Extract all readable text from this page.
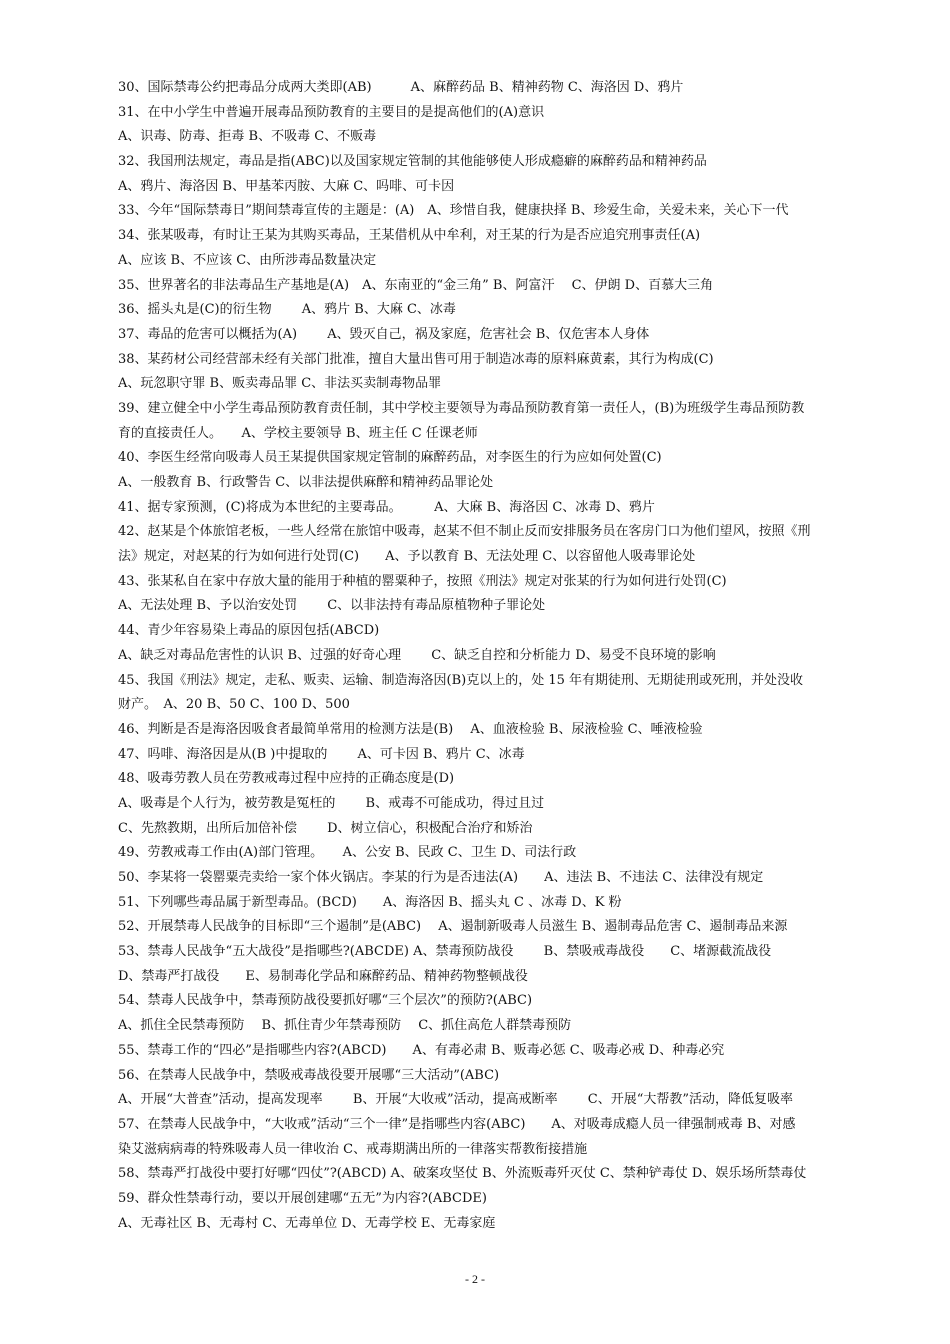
30、国际禁毒公约把毒品分成两大类即(AB)　　　A、麻醉药品 B、精神药物 C、海洛因 D、鸦片
31、在中小学生中普遍开展毒品预防教育的主要目的是提高他们的(A)意识
A、识毒、防毒、拒毒 B、不吸毒 C、不贩毒
32、我国刑法规定，毒品是指(ABC)以及国家规定管制的其他能够使人形成瘾癖的麻醉药品和精神药品
A、鸦片、海洛因 B、甲基苯丙胺、大麻 C、吗啡、可卡因
33、今年“国际禁毒日”期间禁毒宣传的主题是：(A)　A、珍惜自我，健康抉择 B、珍爱生命，关爱未来，关心下一代
34、张某吸毒，有时让王某为其购买毒品，王某借机从中牟利，对王某的行为是否应追究刑事责任(A)
A、应该 B、不应该 C、由所涉毒品数量决定
35、世界著名的非法毒品生产基地是(A)　A、东南亚的“金三角” B、阿富汗　 C、伊朗 D、百慕大三角
36、摇头丸是(C)的衍生物　　 A、鸦片 B、大麻 C、冰毒
37、毒品的危害可以概括为(A)　　 A、毁灭自己，祸及家庭，危害社会 B、仅危害本人身体
38、某药材公司经营部未经有关部门批准，擅自大量出售可用于制造冰毒的原料麻黄素，其行为构成(C)
A、玩忽职守罪 B、贩卖毒品罪 C、非法买卖制毒物品罪
39、建立健全中小学生毒品预防教育责任制，其中学校主要领导为毒品预防教育第一责任人，(B)为班级学生毒品预防教
育的直接责任人。　　A、学校主要领导 B、班主任 C 任课老师
40、李医生经常向吸毒人员王某提供国家规定管制的麻醉药品，对李医生的行为应如何处置(C)
A、一般教育 B、行政警告 C、以非法提供麻醉和精神药品罪论处
41、据专家预测，(C)将成为本世纪的主要毒品。　　　A、大麻 B、海洛因 C、冰毒 D、鸦片
42、赵某是个体旅馆老板，一些人经常在旅馆中吸毒，赵某不但不制止反而安排服务员在客房门口为他们望风，按照《刑
法》规定，对赵某的行为如何进行处罚(C)　　A、予以教育 B、无法处理 C、以容留他人吸毒罪论处
43、张某私自在家中存放大量的能用于种植的罂粟种子，按照《刑法》规定对张某的行为如何进行处罚(C)
A、无法处理 B、予以治安处罚　　 C、以非法持有毒品原植物种子罪论处
44、青少年容易染上毒品的原因包括(ABCD)
A、缺乏对毒品危害性的认识 B、过强的好奇心理　　 C、缺乏自控和分析能力 D、易受不良环境的影响
45、我国《刑法》规定，走私、贩卖、运输、制造海洛因(B)克以上的，处 15 年有期徒刑、无期徒刑或死刑，并处没收
财产。　A、20 B、50 C、100 D、500
46、判断是否是海洛因吸食者最简单常用的检测方法是(B)　 A、血液检验 B、尿液检验 C、唾液检验
47、吗啡、海洛因是从(B )中提取的　　 A、可卡因 B、鸦片 C、冰毒
48、吸毒劳教人员在劳教戒毒过程中应持的正确态度是(D)
A、吸毒是个人行为，被劳教是冤枉的　　 B、戒毒不可能成功，得过且过
C、先熬教期，出所后加倍补偿　　 D、树立信心，积极配合治疗和矫治
49、劳教戒毒工作由(A)部门管理。　　A、公安 B、民政 C、卫生 D、司法行政
50、李某将一袋罂粟壳卖给一家个体火锅店。李某的行为是否违法(A)　　A、违法 B、不违法 C、法律没有规定
51、下列哪些毒品属于新型毒品。(BCD)　　A、海洛因 B、摇头丸 C 、冰毒 D、K 粉
52、开展禁毒人民战争的目标即“三个遏制”是(ABC)　 A、遏制新吸毒人员滋生 B、遏制毒品危害 C、遏制毒品来源
53、禁毒人民战争“五大战役”是指哪些?(ABCDE) A、禁毒预防战役　　 B、禁吸戒毒战役　　C、堵源截流战役
D、禁毒严打战役　　E、易制毒化学品和麻醉药品、精神药物整顿战役
54、禁毒人民战争中，禁毒预防战役要抓好哪“三个层次”的预防?(ABC)
A、抓住全民禁毒预防　 B、抓住青少年禁毒预防　 C、抓住高危人群禁毒预防
55、禁毒工作的“四必”是指哪些内容?(ABCD)　　A、有毒必肃 B、贩毒必惩 C、吸毒必戒 D、种毒必究
56、在禁毒人民战争中，禁吸戒毒战役要开展哪“三大活动”(ABC)
A、开展“大普查”活动，提高发现率　　 B、开展“大收戒”活动，提高戒断率　　 C、开展“大帮教”活动，降低复吸率
57、在禁毒人民战争中，“大收戒”活动“三个一律”是指哪些内容(ABC)　　A、对吸毒成瘾人员一律强制戒毒 B、对感
染艾滋病病毒的特殊吸毒人员一律收治 C、戒毒期满出所的一律落实帮教衔接措施
58、禁毒严打战役中要打好哪“四仗”?(ABCD) A、破案攻坚仗 B、外流贩毒歼灭仗 C、禁种铲毒仗 D、娱乐场所禁毒仗
59、群众性禁毒行动，要以开展创建哪“五无”为内容?(ABCDE)
A、无毒社区 B、无毒村 C、无毒单位 D、无毒学校 E、无毒家庭
- 2 -
